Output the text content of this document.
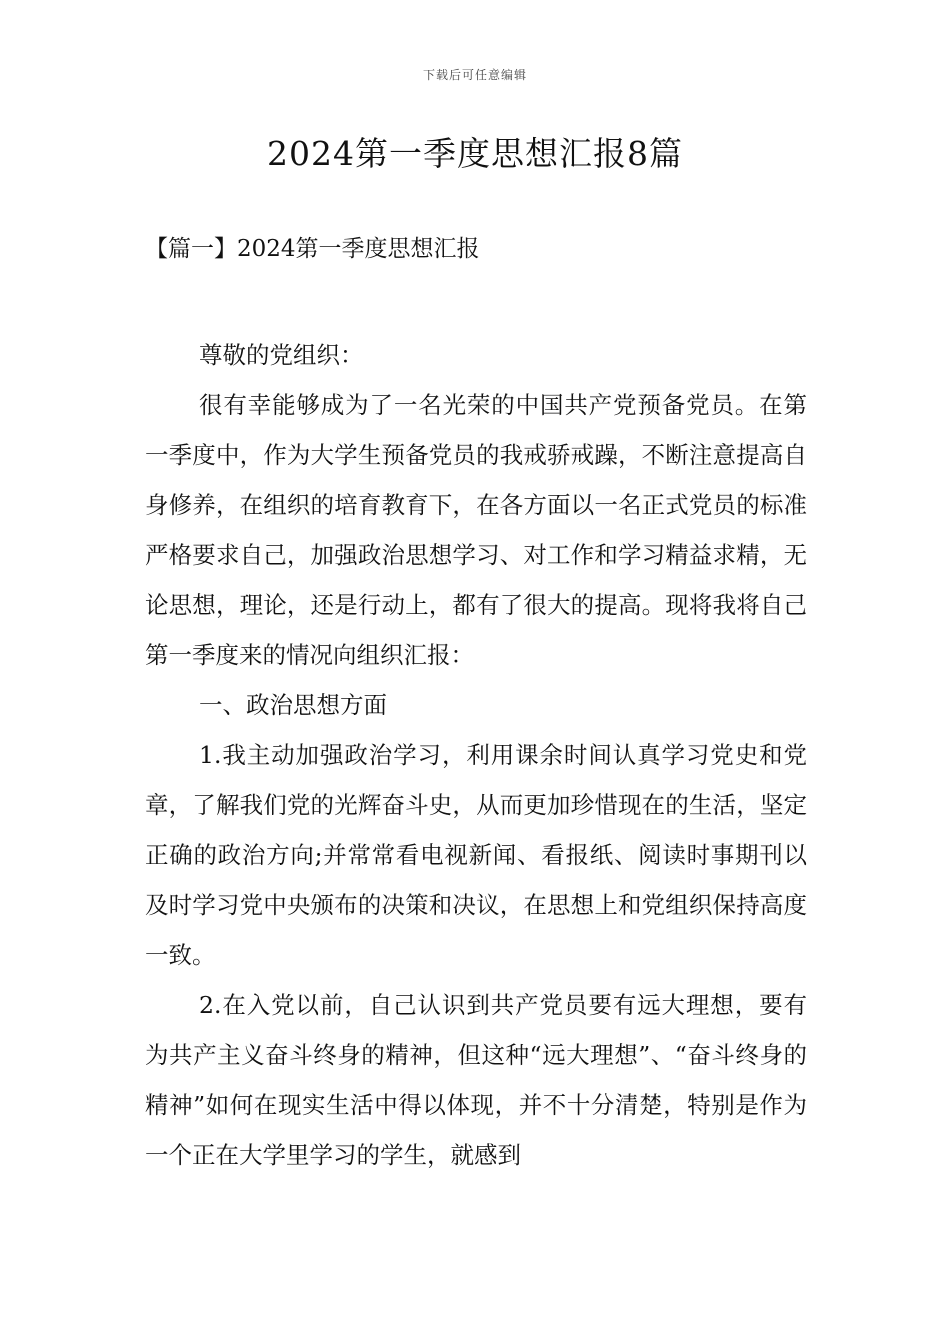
下载后可任意编辑
2024第一季度思想汇报8篇
【篇一】2024第一季度思想汇报

尊敬的党组织：

很有幸能够成为了一名光荣的中国共产党预备党员。在第一季度中，作为大学生预备党员的我戒骄戒躁，不断注意提高自身修养，在组织的培育教育下，在各方面以一名正式党员的标准严格要求自己，加强政治思想学习、对工作和学习精益求精，无论思想，理论，还是行动上，都有了很大的提高。现将我将自己第一季度来的情况向组织汇报：

一、政治思想方面

1.我主动加强政治学习，利用课余时间认真学习党史和党章，了解我们党的光辉奋斗史，从而更加珍惜现在的生活，坚定正确的政治方向;并常常看电视新闻、看报纸、阅读时事期刊以及时学习党中央颁布的决策和决议，在思想上和党组织保持高度一致。

2.在入党以前，自己认识到共产党员要有远大理想，要有为共产主义奋斗终身的精神，但这种“远大理想”、“奋斗终身的精神”如何在现实生活中得以体现，并不十分清楚，特别是作为一个正在大学里学习的学生，就感到
